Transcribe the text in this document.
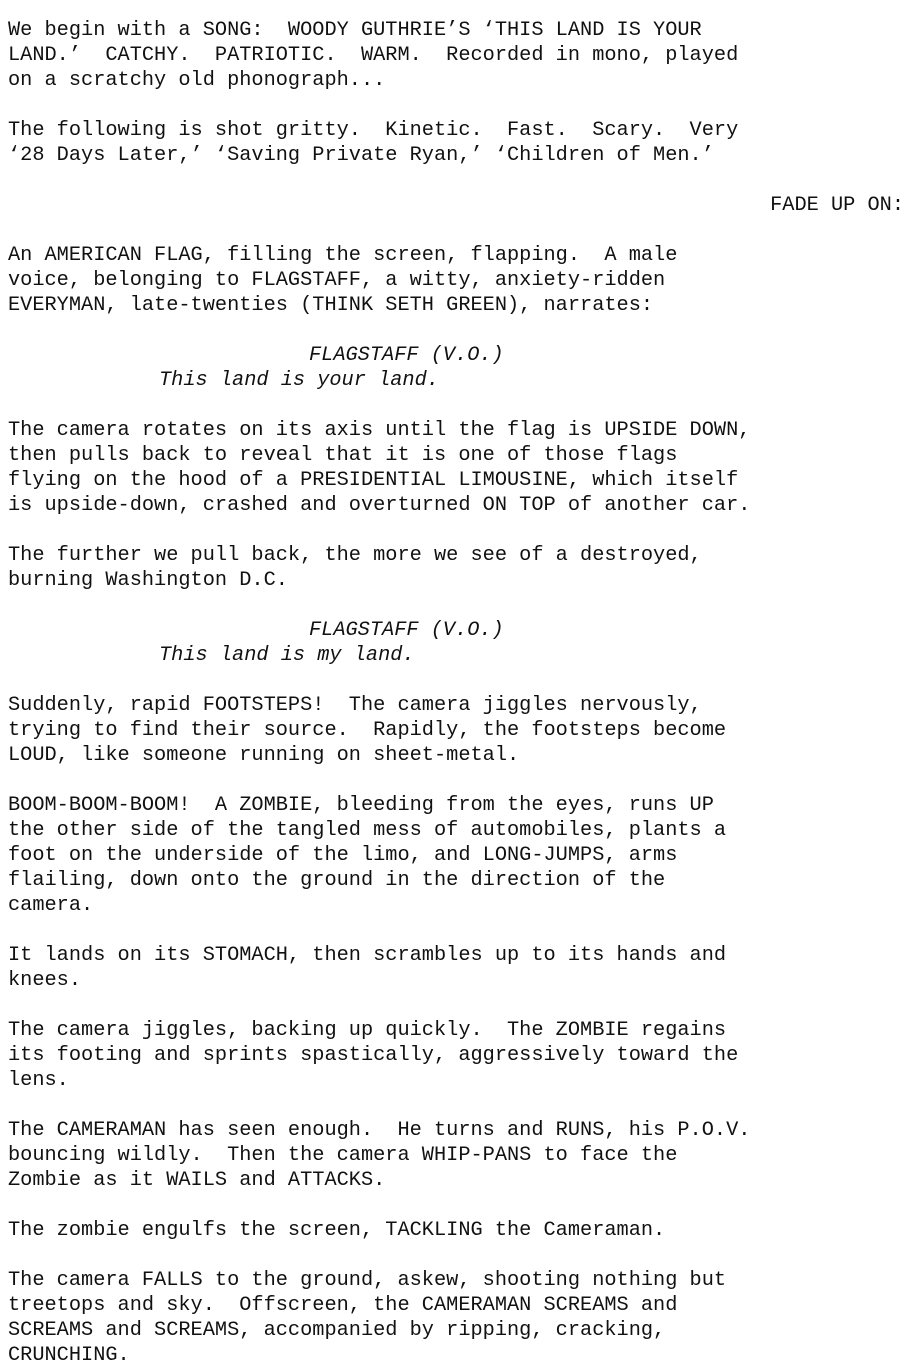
We begin with a SONG:  WOODY GUTHRIE’S ‘THIS LAND IS YOUR
LAND.’  CATCHY.  PATRIOTIC.  WARM.  Recorded in mono, played
on a scratchy old phonograph...
The following is shot gritty.  Kinetic.  Fast.  Scary.  Very
‘28 Days Later,’ ‘Saving Private Ryan,’ ‘Children of Men.’
FADE UP ON:
An AMERICAN FLAG, filling the screen, flapping.  A male
voice, belonging to FLAGSTAFF, a witty, anxiety-ridden
EVERYMAN, late-twenties (THINK SETH GREEN), narrates:
FLAGSTAFF (V.O.)
This land is your land.
The camera rotates on its axis until the flag is UPSIDE DOWN,
then pulls back to reveal that it is one of those flags
flying on the hood of a PRESIDENTIAL LIMOUSINE, which itself
is upside-down, crashed and overturned ON TOP of another car.
The further we pull back, the more we see of a destroyed,
burning Washington D.C.
FLAGSTAFF (V.O.)
This land is my land.
Suddenly, rapid FOOTSTEPS!  The camera jiggles nervously,
trying to find their source.  Rapidly, the footsteps become
LOUD, like someone running on sheet-metal.
BOOM-BOOM-BOOM!  A ZOMBIE, bleeding from the eyes, runs UP
the other side of the tangled mess of automobiles, plants a
foot on the underside of the limo, and LONG-JUMPS, arms
flailing, down onto the ground in the direction of the
camera.
It lands on its STOMACH, then scrambles up to its hands and
knees.
The camera jiggles, backing up quickly.  The ZOMBIE regains
its footing and sprints spastically, aggressively toward the
lens.
The CAMERAMAN has seen enough.  He turns and RUNS, his P.O.V.
bouncing wildly.  Then the camera WHIP-PANS to face the
Zombie as it WAILS and ATTACKS.
The zombie engulfs the screen, TACKLING the Cameraman.
The camera FALLS to the ground, askew, shooting nothing but
treetops and sky.  Offscreen, the CAMERAMAN SCREAMS and
SCREAMS and SCREAMS, accompanied by ripping, cracking,
CRUNCHING.
